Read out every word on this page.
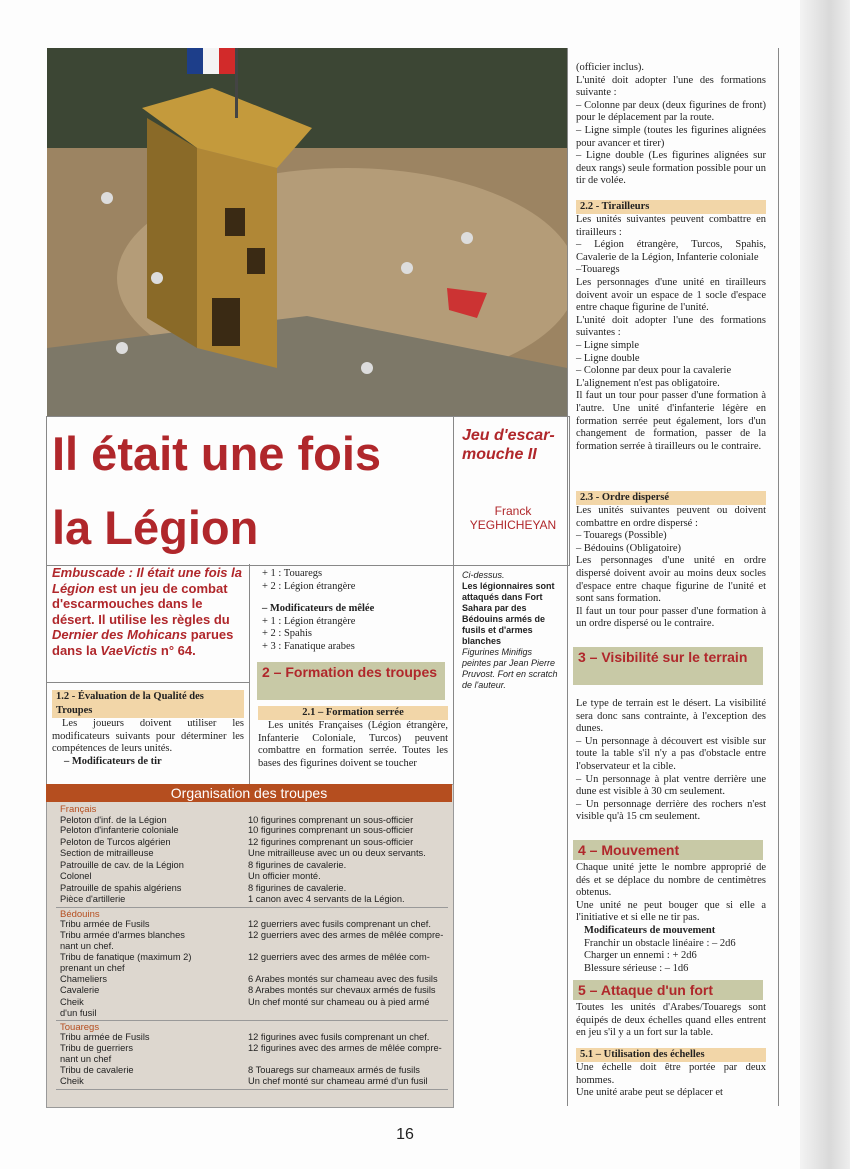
Il était une fois
la Légion
Jeu d'escar-mouche II
Franck
YEGHICHEYAN
Embuscade : Il était une fois la Légion est un jeu de combat d'escarmouches dans le désert. Il utilise les règles du Dernier des Mohicans parues dans la VaeVictis n° 64.
1.2 - Évaluation de la Qualité des Troupes
Les joueurs doivent utiliser les modificateurs suivants pour déterminer les compétences de leurs unités.
– Modificateurs de tir
+ 1 : Touaregs
+ 2 : Légion étrangère
– Modificateurs de mêlée
+ 1 : Légion étrangère
+ 2 : Spahis
+ 3 : Fanatique arabes
2 – Formation des troupes
2.1 – Formation serrée
Les unités Françaises (Légion étrangère, Infanterie Coloniale, Turcos) peuvent combattre en formation serrée. Toutes les bases des figurines doivent se toucher
Ci-dessus.
Les légionnaires sont attaqués dans Fort Sahara par des Bédouins armés de fusils et d'armes blanches
Figurines Minifigs peintes par Jean Pierre Pruvost. Fort en scratch de l'auteur.
Organisation des troupes
Français
Peloton d'inf. de la Légion	10 figurines comprenant un sous-officier
Peloton d'infanterie coloniale	10 figurines comprenant un sous-officier
Peloton de Turcos algérien	12 figurines comprenant un sous-officier
Section de mitrailleuse	Une mitrailleuse avec un ou deux servants.
Patrouille de cav. de la Légion	8 figurines de cavalerie.
Colonel	Un officier monté.
Patrouille de spahis algériens	8 figurines de cavalerie.
Pièce d'artillerie	1 canon avec 4 servants de la Légion.
Bédouins
Tribu armée de Fusils	12 guerriers avec fusils comprenant un chef.
Tribu armée d'armes blanches	12 guerriers avec des armes de mêlée compre-
nant un chef.
Tribu de fanatique (maximum 2)	12 guerriers avec des armes de mêlée com-
prenant un chef
Chameliers	6 Arabes montés sur chameau avec des fusils
Cavalerie	8 Arabes montés sur chevaux armés de fusils
Cheik	Un chef monté sur chameau ou à pied armé
d'un fusil
Touaregs
Tribu armée de Fusils	12 figurines avec fusils comprenant un chef.
Tribu de guerriers	12 figurines avec des armes de mêlée compre-
nant un chef
Tribu de cavalerie	8 Touaregs sur chameaux armés de fusils
Cheik	Un chef monté sur chameau armé d'un fusil
(officier inclus).
L'unité doit adopter l'une des formations suivante :
– Colonne par deux (deux figurines de front) pour le déplacement par la route.
– Ligne simple (toutes les figurines alignées pour avancer et tirer)
– Ligne double (Les figurines alignées sur deux rangs) seule formation possible pour un tir de volée.
2.2 - Tirailleurs
Les unités suivantes peuvent combattre en tirailleurs :
– Légion étrangère, Turcos, Spahis, Cavalerie de la Légion, Infanterie coloniale
–Touaregs
Les personnages d'une unité en tirailleurs doivent avoir un espace de 1 socle d'espace entre chaque figurine de l'unité.
L'unité doit adopter l'une des formations suivantes :
– Ligne simple
– Ligne double
– Colonne par deux pour la cavalerie
L'alignement n'est pas obligatoire.
Il faut un tour pour passer d'une formation à l'autre. Une unité d'infanterie légère en formation serrée peut également, lors d'un changement de formation, passer de la formation serrée à tirailleurs ou le contraire.
2.3 - Ordre dispersé
Les unités suivantes peuvent ou doivent combattre en ordre dispersé :
– Touaregs (Possible)
– Bédouins (Obligatoire)
Les personnages d'une unité en ordre dispersé doivent avoir au moins deux socles d'espace entre chaque figurine de l'unité et sont sans formation.
Il faut un tour pour passer d'une formation à un ordre dispersé ou le contraire.
3 – Visibilité sur le terrain
Le type de terrain est le désert. La visibilité sera donc sans contrainte, à l'exception des dunes.
– Un personnage à découvert est visible sur toute la table s'il n'y a pas d'obstacle entre l'observateur et la cible.
– Un personnage à plat ventre derrière une dune est visible à 30 cm seulement.
– Un personnage derrière des rochers n'est visible qu'à 15 cm seulement.
4 – Mouvement
Chaque unité jette le nombre approprié de dés et se déplace du nombre de centimètres obtenus.
Une unité ne peut bouger que si elle a l'initiative et si elle ne tir pas.
Modificateurs de mouvement
Franchir un obstacle linéaire : – 2d6
Charger un ennemi : + 2d6
Blessure sérieuse : – 1d6
5 – Attaque d'un fort
Toutes les unités d'Arabes/Touaregs sont équipés de deux échelles quand elles entrent en jeu s'il y a un fort sur la table.
5.1 – Utilisation des échelles
Une échelle doit être portée par deux hommes.
Une unité arabe peut se déplacer et
16
